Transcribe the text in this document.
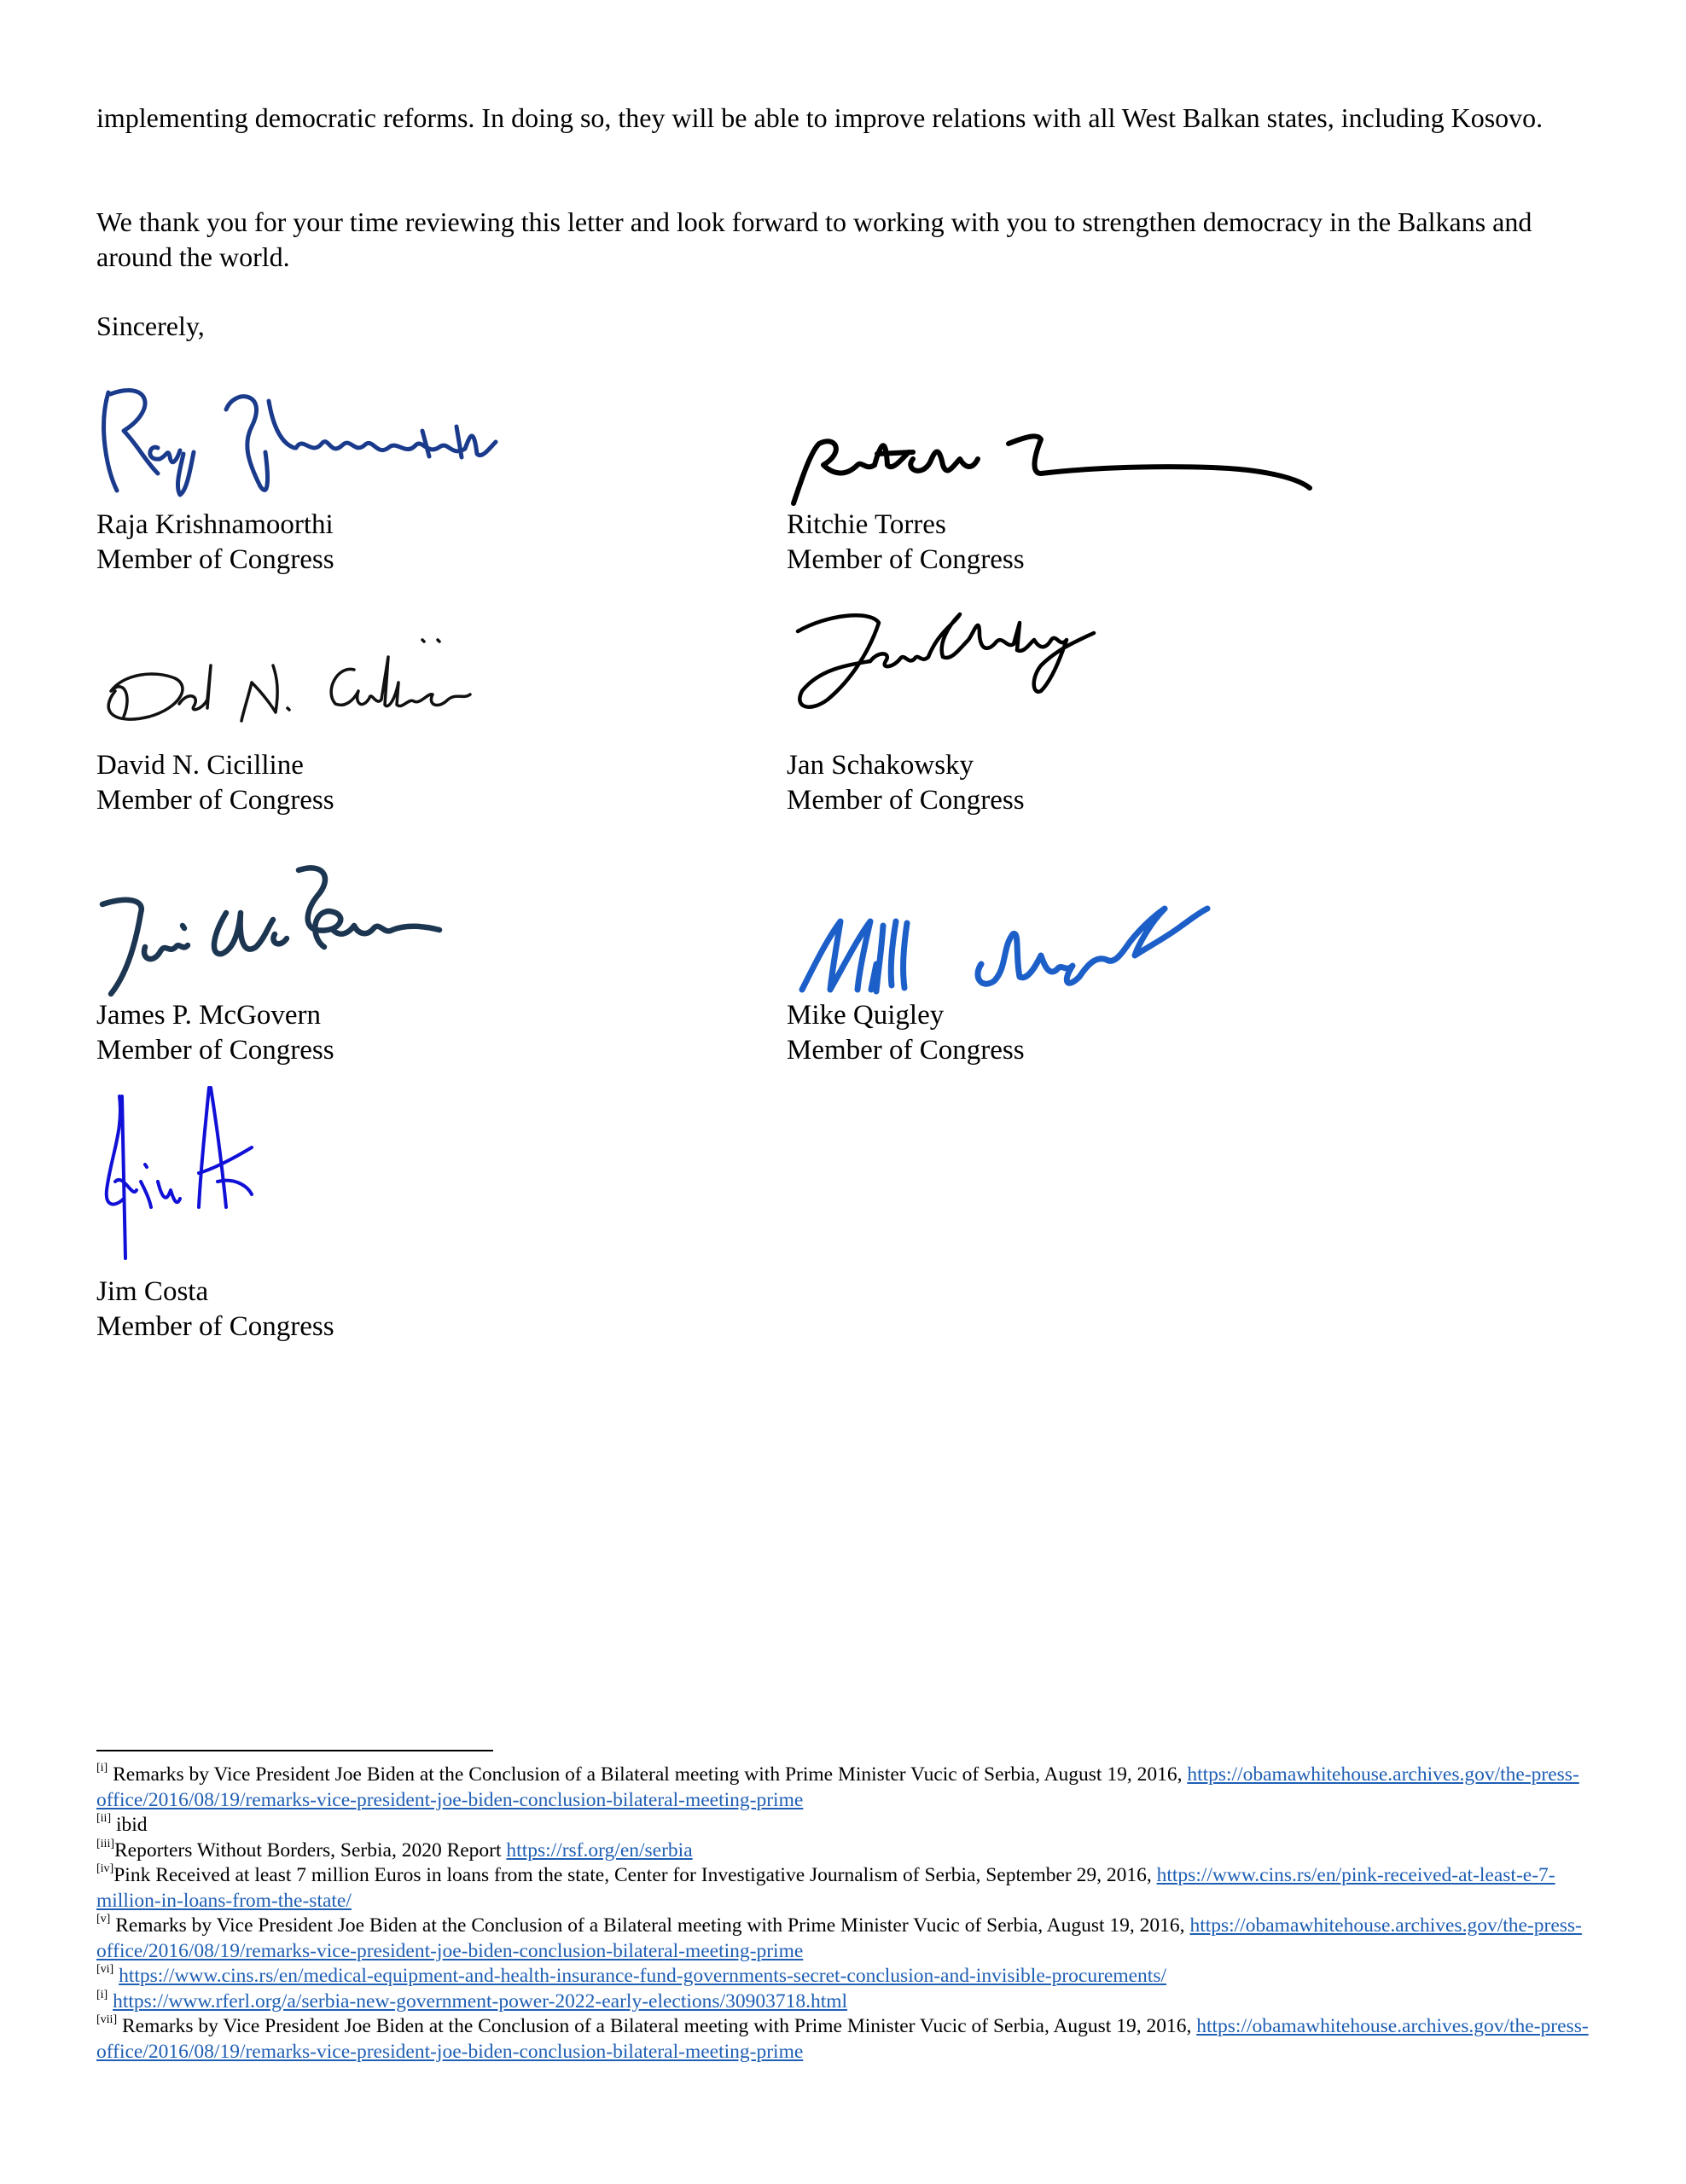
implementing democratic reforms. In doing so, they will be able to improve relations with all West Balkan states, including Kosovo.

We thank you for your time reviewing this letter and look forward to working with you to strengthen democracy in the Balkans and around the world.

Sincerely,

Raja Krishnamoorthi
Member of Congress

Ritchie Torres
Member of Congress

David N. Cicilline
Member of Congress

Jan Schakowsky
Member of Congress

James P. McGovern
Member of Congress

Mike Quigley
Member of Congress

Jim Costa
Member of Congress

[i] Remarks by Vice President Joe Biden at the Conclusion of a Bilateral meeting with Prime Minister Vucic of Serbia, August 19, 2016, https://obamawhitehouse.archives.gov/the-press-office/2016/08/19/remarks-vice-president-joe-biden-conclusion-bilateral-meeting-prime

[ii] ibid

[iii]Reporters Without Borders, Serbia, 2020 Report https://rsf.org/en/serbia

[iv]Pink Received at least 7 million Euros in loans from the state, Center for Investigative Journalism of Serbia, September 29, 2016, https://www.cins.rs/en/pink-received-at-least-e-7-million-in-loans-from-the-state/

[v] Remarks by Vice President Joe Biden at the Conclusion of a Bilateral meeting with Prime Minister Vucic of Serbia, August 19, 2016, https://obamawhitehouse.archives.gov/the-press-office/2016/08/19/remarks-vice-president-joe-biden-conclusion-bilateral-meeting-prime

[vi] https://www.cins.rs/en/medical-equipment-and-health-insurance-fund-governments-secret-conclusion-and-invisible-procurements/

[i] https://www.rferl.org/a/serbia-new-government-power-2022-early-elections/30903718.html

[vii] Remarks by Vice President Joe Biden at the Conclusion of a Bilateral meeting with Prime Minister Vucic of Serbia, August 19, 2016, https://obamawhitehouse.archives.gov/the-press-office/2016/08/19/remarks-vice-president-joe-biden-conclusion-bilateral-meeting-prime
